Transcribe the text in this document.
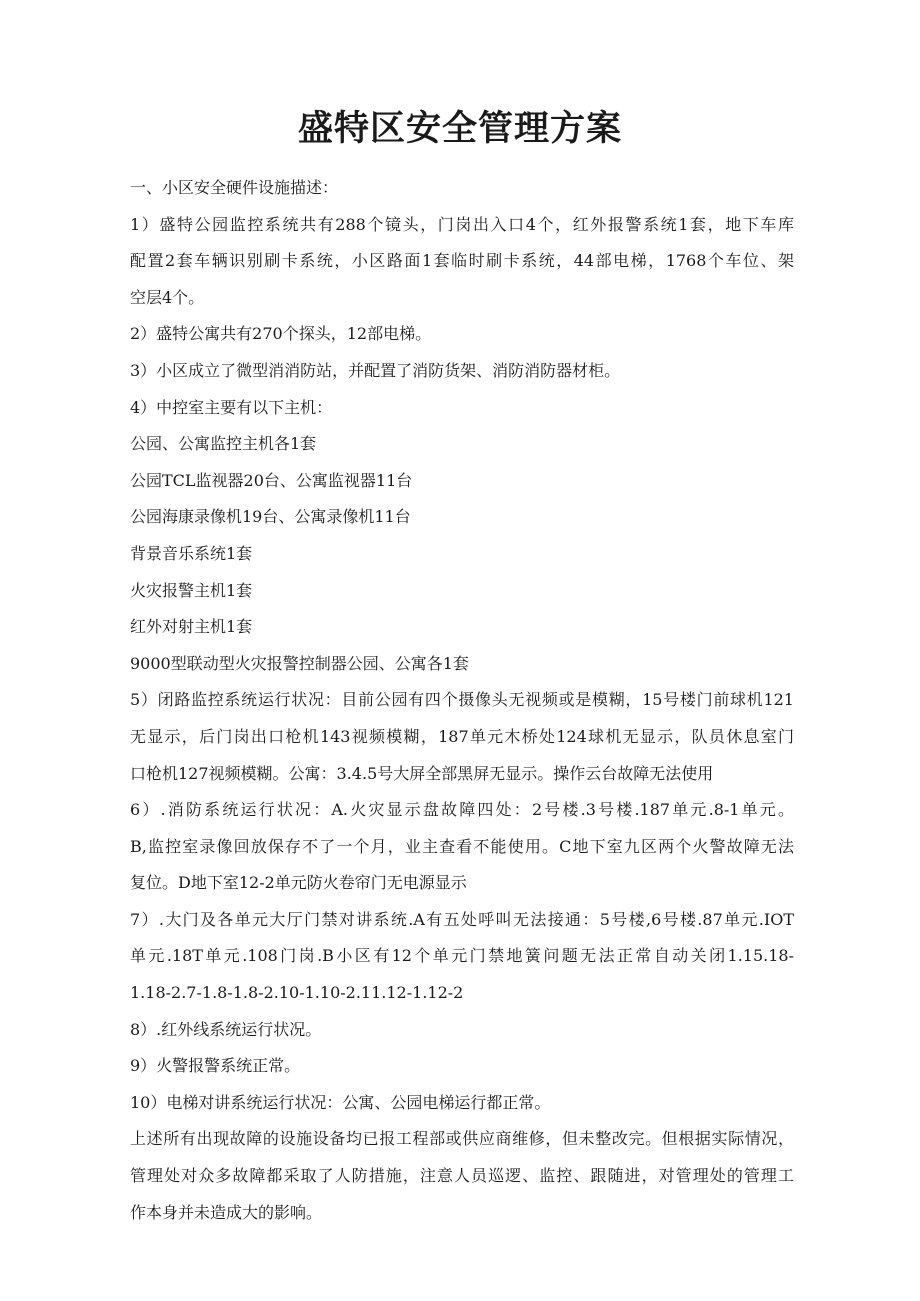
盛特区安全管理方案

一、小区安全硬件设施描述：

1）盛特公园监控系统共有288个镜头，门岗出入口4个，红外报警系统1套，地下车库
配置2套车辆识别刷卡系统，小区路面1套临时刷卡系统，44部电梯，1768个车位、架
空层4个。

2）盛特公寓共有270个探头，12部电梯。

3）小区成立了微型消消防站，并配置了消防货架、消防消防器材柜。

4）中控室主要有以下主机：

公园、公寓监控主机各1套

公园TCL监视器20台、公寓监视器11台

公园海康录像机19台、公寓录像机11台

背景音乐系统1套

火灾报警主机1套

红外对射主机1套

9000型联动型火灾报警控制器公园、公寓各1套

5）闭路监控系统运行状况：目前公园有四个摄像头无视频或是模糊，15号楼门前球机121
无显示，后门岗出口枪机143视频模糊，187单元木桥处124球机无显示，队员休息室门
口枪机127视频模糊。公寓：3.4.5号大屏全部黑屏无显示。操作云台故障无法使用

6）.消防系统运行状况：A.火灾显示盘故障四处：2号楼.3号楼.187单元.8-1单元。
B,监控室录像回放保存不了一个月，业主查看不能使用。C地下室九区两个火警故障无法
复位。D地下室12-2单元防火卷帘门无电源显示

7）.大门及各单元大厅门禁对讲系统.A有五处呼叫无法接通：5号楼,6号楼.87单元.IOT
单元.18T单元.108门岗.B小区有12个单元门禁地簧问题无法正常自动关闭1.15.18-
1.18-2.7-1.8-1.8-2.10-1.10-2.11.12-1.12-2

8）.红外线系统运行状况。

9）火警报警系统正常。

10）电梯对讲系统运行状况：公寓、公园电梯运行都正常。

上述所有出现故障的设施设备均已报工程部或供应商维修，但未整改完。但根据实际情况，
管理处对众多故障都采取了人防措施，注意人员巡逻、监控、跟随进，对管理处的管理工
作本身并未造成大的影响。
